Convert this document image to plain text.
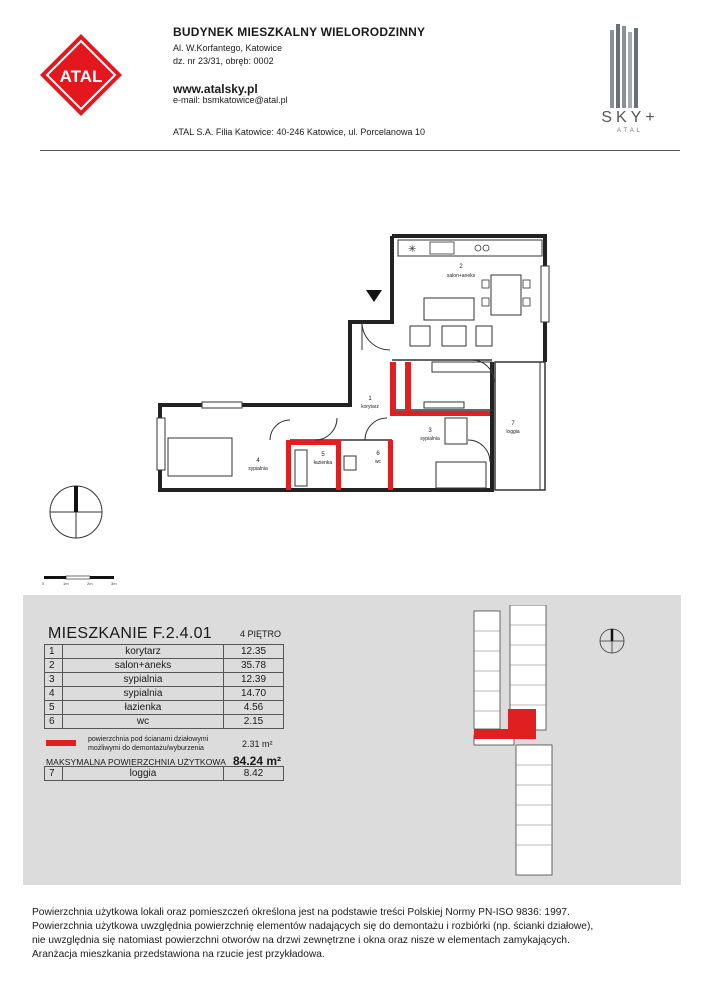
ATAL
BUDYNEK MIESZKALNY WIELORODZINNY
Al. W.Korfantego, Katowice
dz. nr 23/31, obręb: 0002
www.atalsky.pl
e-mail: bsmkatowice@atal.pl
ATAL S.A. Filia Katowice: 40-246 Katowice, ul. Porcelanowa 10
SKY+
ATAL
✳
2
salon+aneks
1
korytarz
3
sypialnia
4
sypialnia
5
łazienka
6
wc
7
loggia
0	1m	2m	3m
MIESZKANIE F.2.4.01	4 PIĘTRO
1	korytarz	12.35
2	salon+aneks	35.78
3	sypialnia	12.39
4	sypialnia	14.70
5	łazienka	4.56
6	wc	2.15
powierzchnia pod ścianami działowymi możliwymi do demontażu/wyburzenia	2.31 m²
MAKSYMALNA POWIERZCHNIA UŻYTKOWA 84.24 m²
7	loggia	8.42
Powierzchnia użytkowa lokali oraz pomieszczeń określona jest na podstawie treści Polskiej Normy PN-ISO 9836: 1997.
Powierzchnia użytkowa uwzględnia powierzchnię elementów nadających się do demontażu i rozbiórki (np. ścianki działowe),
nie uwzględnia się natomiast powierzchni otworów na drzwi zewnętrzne i okna oraz nisze w elementach zamykających.
Aranżacja mieszkania przedstawiona na rzucie jest przykładowa.
